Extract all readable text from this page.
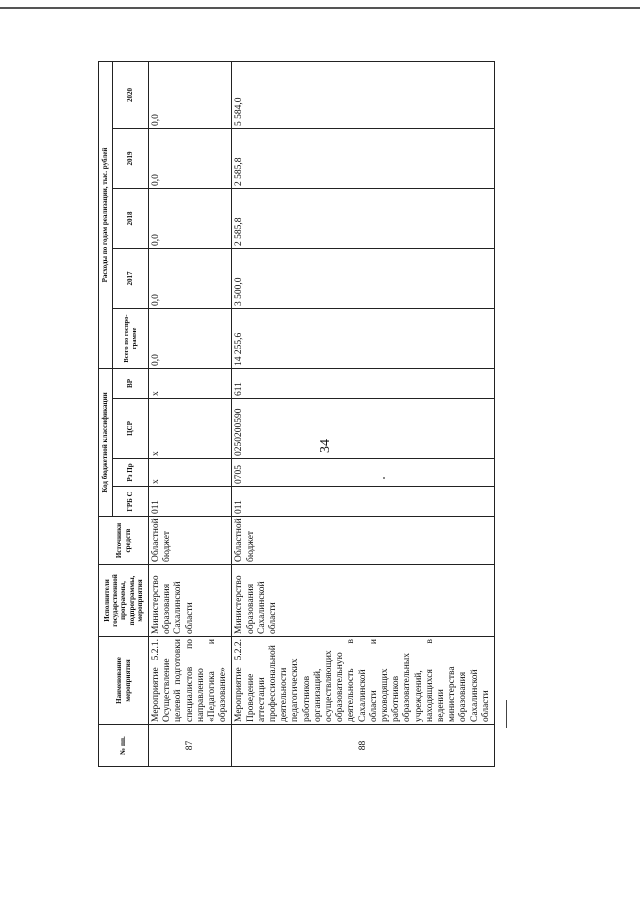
34
№ пп.	Наименование мероприятия	Исполнители государственной программы, подпрограммы, мероприятия	Источники средств	Код бюджетной классификации				Расходы по годам реализации, тыс. рублей				
				ГРБ С	Рз Пр	ЦСР	ВР	Всего по госпро-грамме	2017	2018	2019	2020
87	Мероприятие 5.2.1. Осуществление целевой подготовки специалистов по направлению «Педагогика и образование»	Министерство образования Сахалинской области	Областной бюджет	011	х	х	х	0,0	0,0	0,0	0,0	0,0
88	Мероприятие 5.2.2. Проведение аттестации профессиональной деятельности педагогических работников организаций, осуществляющих образовательную деятельность в Сахалинской области и руководящих работников образовательных учреждений, находящихся в ведении министерства образования Сахалинской области	Министерство образования Сахалинской области	Областной бюджет	011	0705	0250200590	611	14 255,6	3 500,0	2 585,8	2 585,8	5 584,0
